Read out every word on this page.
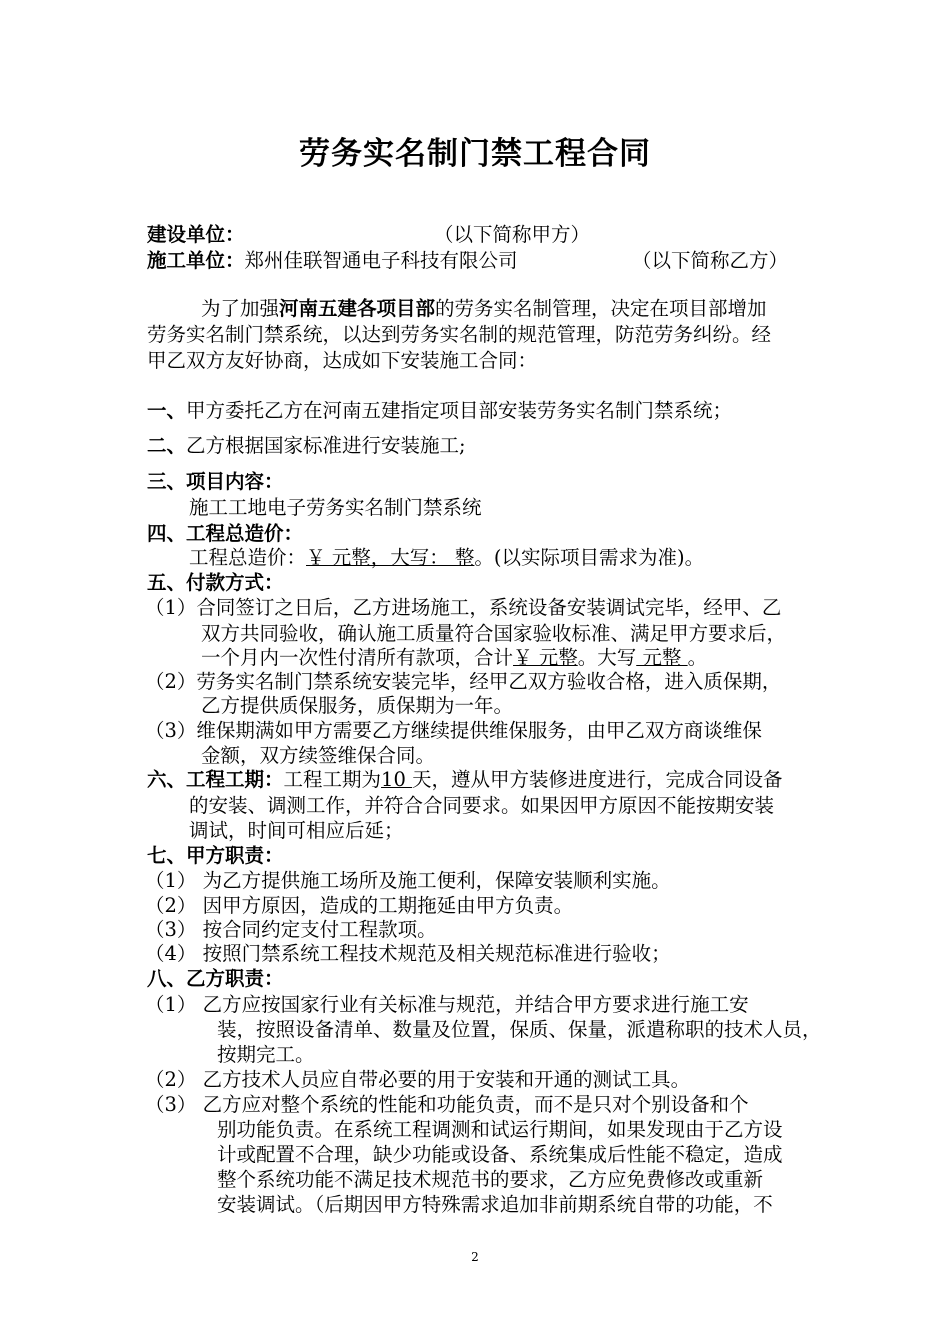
劳务实名制门禁工程合同
建设单位：	（以下简称甲方）
施工单位：郑州佳联智通电子科技有限公司	（以下简称乙方）
为了加强河南五建各项目部的劳务实名制管理，决定在项目部增加
劳务实名制门禁系统，以达到劳务实名制的规范管理，防范劳务纠纷。经
甲乙双方友好协商，达成如下安装施工合同：
一、甲方委托乙方在河南五建指定项目部安装劳务实名制门禁系统；
二、乙方根据国家标准进行安装施工;
三、项目内容：
施工工地电子劳务实名制门禁系统
四、工程总造价：
工程总造价：￥ 元整，大写： 整。(以实际项目需求为准)。
五、付款方式：
（1）合同签订之日后，乙方进场施工，系统设备安装调试完毕，经甲、乙
双方共同验收，确认施工质量符合国家验收标准、满足甲方要求后，
一个月内一次性付清所有款项，合计￥ 元整。大写 元整 。
（2）劳务实名制门禁系统安装完毕，经甲乙双方验收合格，进入质保期，
乙方提供质保服务，质保期为一年。
（3）维保期满如甲方需要乙方继续提供维保服务，由甲乙双方商谈维保
金额，双方续签维保合同。
六、工程工期：工程工期为10 天，遵从甲方装修进度进行，完成合同设备
的安装、调测工作，并符合合同要求。如果因甲方原因不能按期安装
调试，时间可相应后延；
七、甲方职责：
（1） 为乙方提供施工场所及施工便利，保障安装顺利实施。
（2） 因甲方原因，造成的工期拖延由甲方负责。
（3） 按合同约定支付工程款项。
（4） 按照门禁系统工程技术规范及相关规范标准进行验收；
八、乙方职责：
（1） 乙方应按国家行业有关标准与规范，并结合甲方要求进行施工安
装，按照设备清单、数量及位置，保质、保量，派遣称职的技术人员，
按期完工。
（2） 乙方技术人员应自带必要的用于安装和开通的测试工具。
（3） 乙方应对整个系统的性能和功能负责，而不是只对个别设备和个
别功能负责。在系统工程调测和试运行期间，如果发现由于乙方设
计或配置不合理，缺少功能或设备、系统集成后性能不稳定，造成
整个系统功能不满足技术规范书的要求，乙方应免费修改或重新
安装调试。（后期因甲方特殊需求追加非前期系统自带的功能，不
2
